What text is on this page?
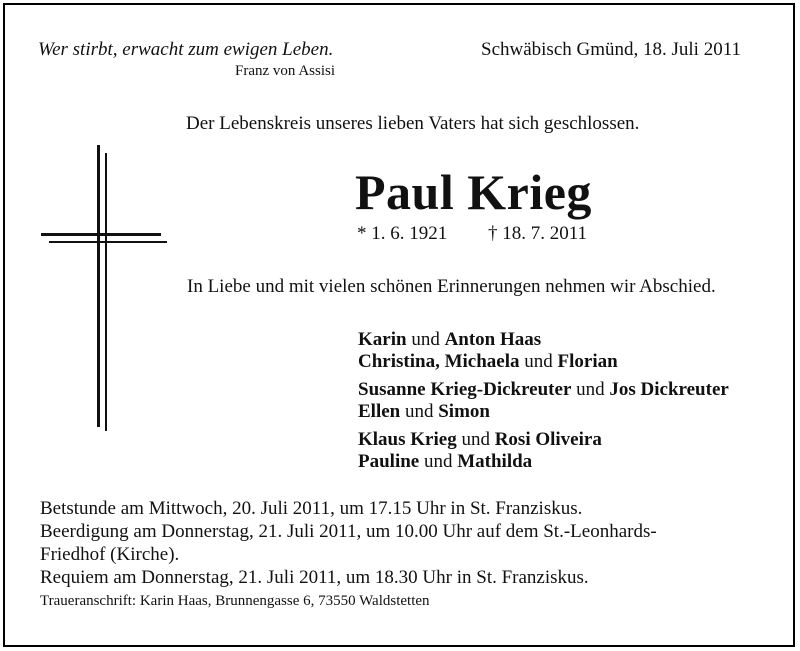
Wer stirbt, erwacht zum ewigen Leben.
Franz von Assisi
Schwäbisch Gmünd, 18. Juli 2011
Der Lebenskreis unseres lieben Vaters hat sich geschlossen.
Paul Krieg
* 1. 6. 1921 † 18. 7. 2011
In Liebe und mit vielen schönen Erinnerungen nehmen wir Abschied.
Karin und Anton Haas
Christina, Michaela und Florian
Susanne Krieg-Dickreuter und Jos Dickreuter
Ellen und Simon
Klaus Krieg und Rosi Oliveira
Pauline und Mathilda
Betstunde am Mittwoch, 20. Juli 2011, um 17.15 Uhr in St. Franziskus.
Beerdigung am Donnerstag, 21. Juli 2011, um 10.00 Uhr auf dem St.-Leonhards-
Friedhof (Kirche).
Requiem am Donnerstag, 21. Juli 2011, um 18.30 Uhr in St. Franziskus.
Traueranschrift: Karin Haas, Brunnengasse 6, 73550 Waldstetten
